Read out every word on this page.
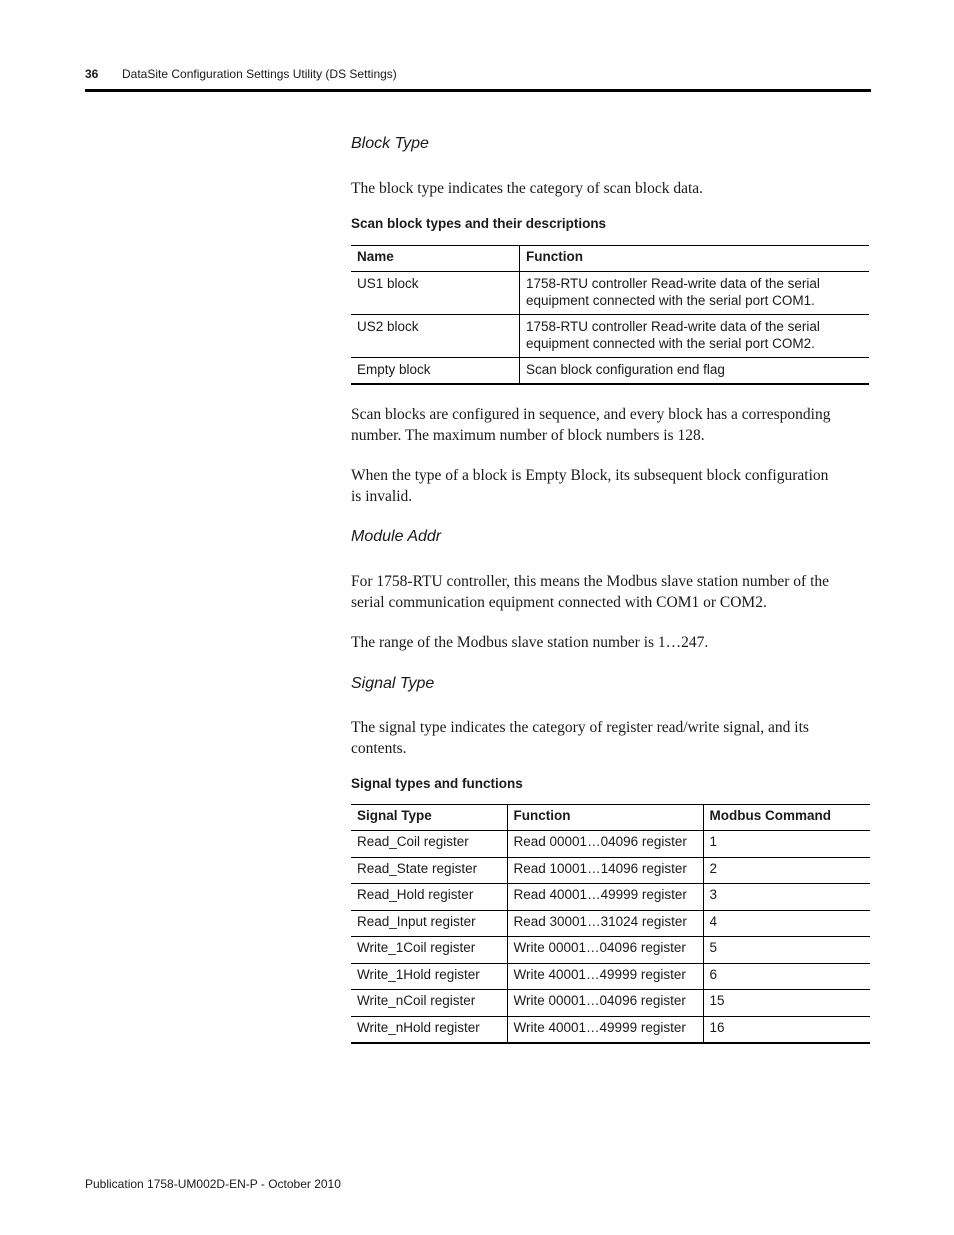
36 DataSite Configuration Settings Utility (DS Settings)
Block Type
The block type indicates the category of scan block data.
Scan block types and their descriptions
Name	Function
US1 block	1758-RTU controller Read-write data of the serial
equipment connected with the serial port COM1.

US2 block	1758-RTU controller Read-write data of the serial
equipment connected with the serial port COM2.

Empty block	Scan block configuration end flag
Scan blocks are configured in sequence, and every block has a corresponding
number. The maximum number of block numbers is 128.
When the type of a block is Empty Block, its subsequent block configuration
is invalid.
Module Addr
For 1758-RTU controller, this means the Modbus slave station number of the
serial communication equipment connected with COM1 or COM2.
The range of the Modbus slave station number is 1…247.
Signal Type
The signal type indicates the category of register read/write signal, and its
contents.
Signal types and functions
Signal Type	Function	Modbus Command
Read_Coil register	Read 00001…04096 register	1
Read_State register	Read 10001…14096 register	2
Read_Hold register	Read 40001…49999 register	3
Read_Input register	Read 30001…31024 register	4
Write_1Coil register	Write 00001…04096 register	5
Write_1Hold register	Write 40001…49999 register	6
Write_nCoil register	Write 00001…04096 register	15
Write_nHold register	Write 40001…49999 register	16
Publication 1758-UM002D-EN-P - October 2010
